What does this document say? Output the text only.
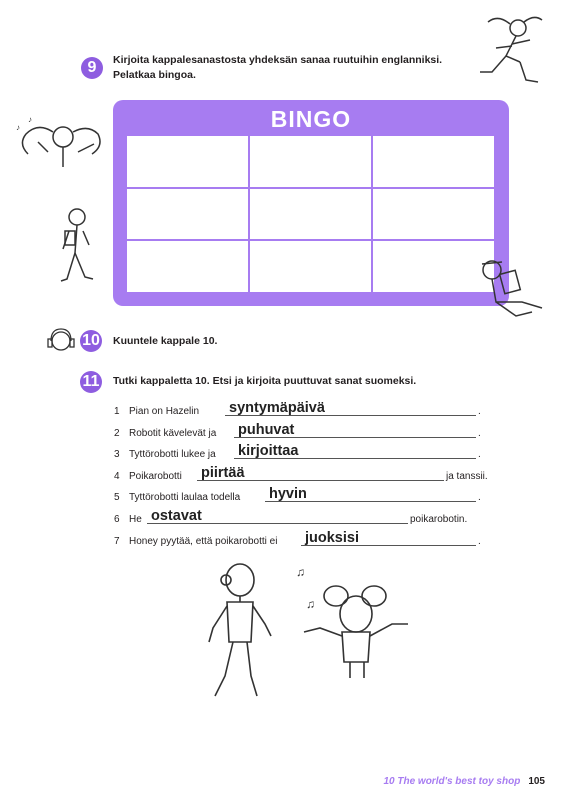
9 Kirjoita kappalesanastosta yhdeksän sanaa ruutuihin englanniksi.
Pelatkaa bingoa.
♪
♪	BINGO
10 Kuuntele kappale 10.
11 Tutki kappaletta 10. Etsi ja kirjoita puuttuvat sanat suomeksi.
1 Pian on Hazelin syntymäpäivä	.
2 Robotit kävelevät ja puhuvat	.
3 Tyttörobotti lukee ja kirjoittaa	.
4 Poikarobotti piirtää	ja tanssii.
5 Tyttörobotti laulaa todella hyvin	.
6 He ostavat	poikarobotin.
7 Honey pyytää, että poikarobotti ei juoksisi	.
♫
♫
10 The world's best toy shop 105
